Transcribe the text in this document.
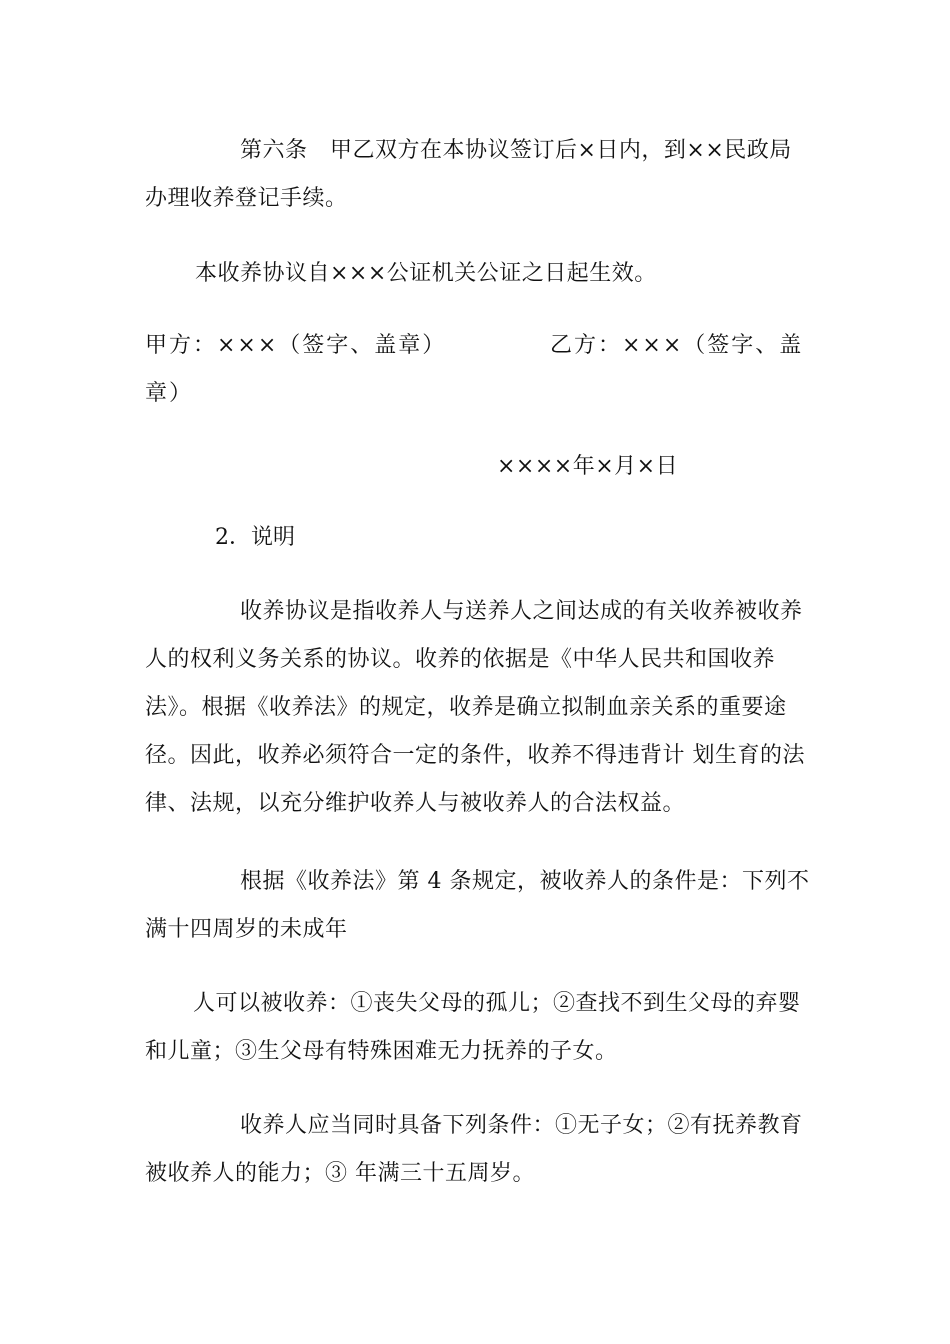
第六条　甲乙双方在本协议签订后×日内，到××民政局
办理收养登记手续。

本收养协议自×××公证机关公证之日起生效。

甲方：×××（签字、盖章）	乙方：×××（签字、盖
章）
××××年×月×日
2．说明

收养协议是指收养人与送养人之间达成的有关收养被收养
人的权利义务关系的协议。收养的依据是《中华人民共和国收养
法》。根据《收养法》的规定，收养是确立拟制血亲关系的重要途
径。因此，收养必须符合一定的条件，收养不得违背计 划生育的法
律、法规，以充分维护收养人与被收养人的合法权益。

根据《收养法》第 4 条规定，被收养人的条件是：下列不
满十四周岁的未成年

人可以被收养：①丧失父母的孤儿；②查找不到生父母的弃婴
和儿童；③生父母有特殊困难无力抚养的子女。

收养人应当同时具备下列条件：①无子女；②有抚养教育
被收养人的能力；③ 年满三十五周岁。
